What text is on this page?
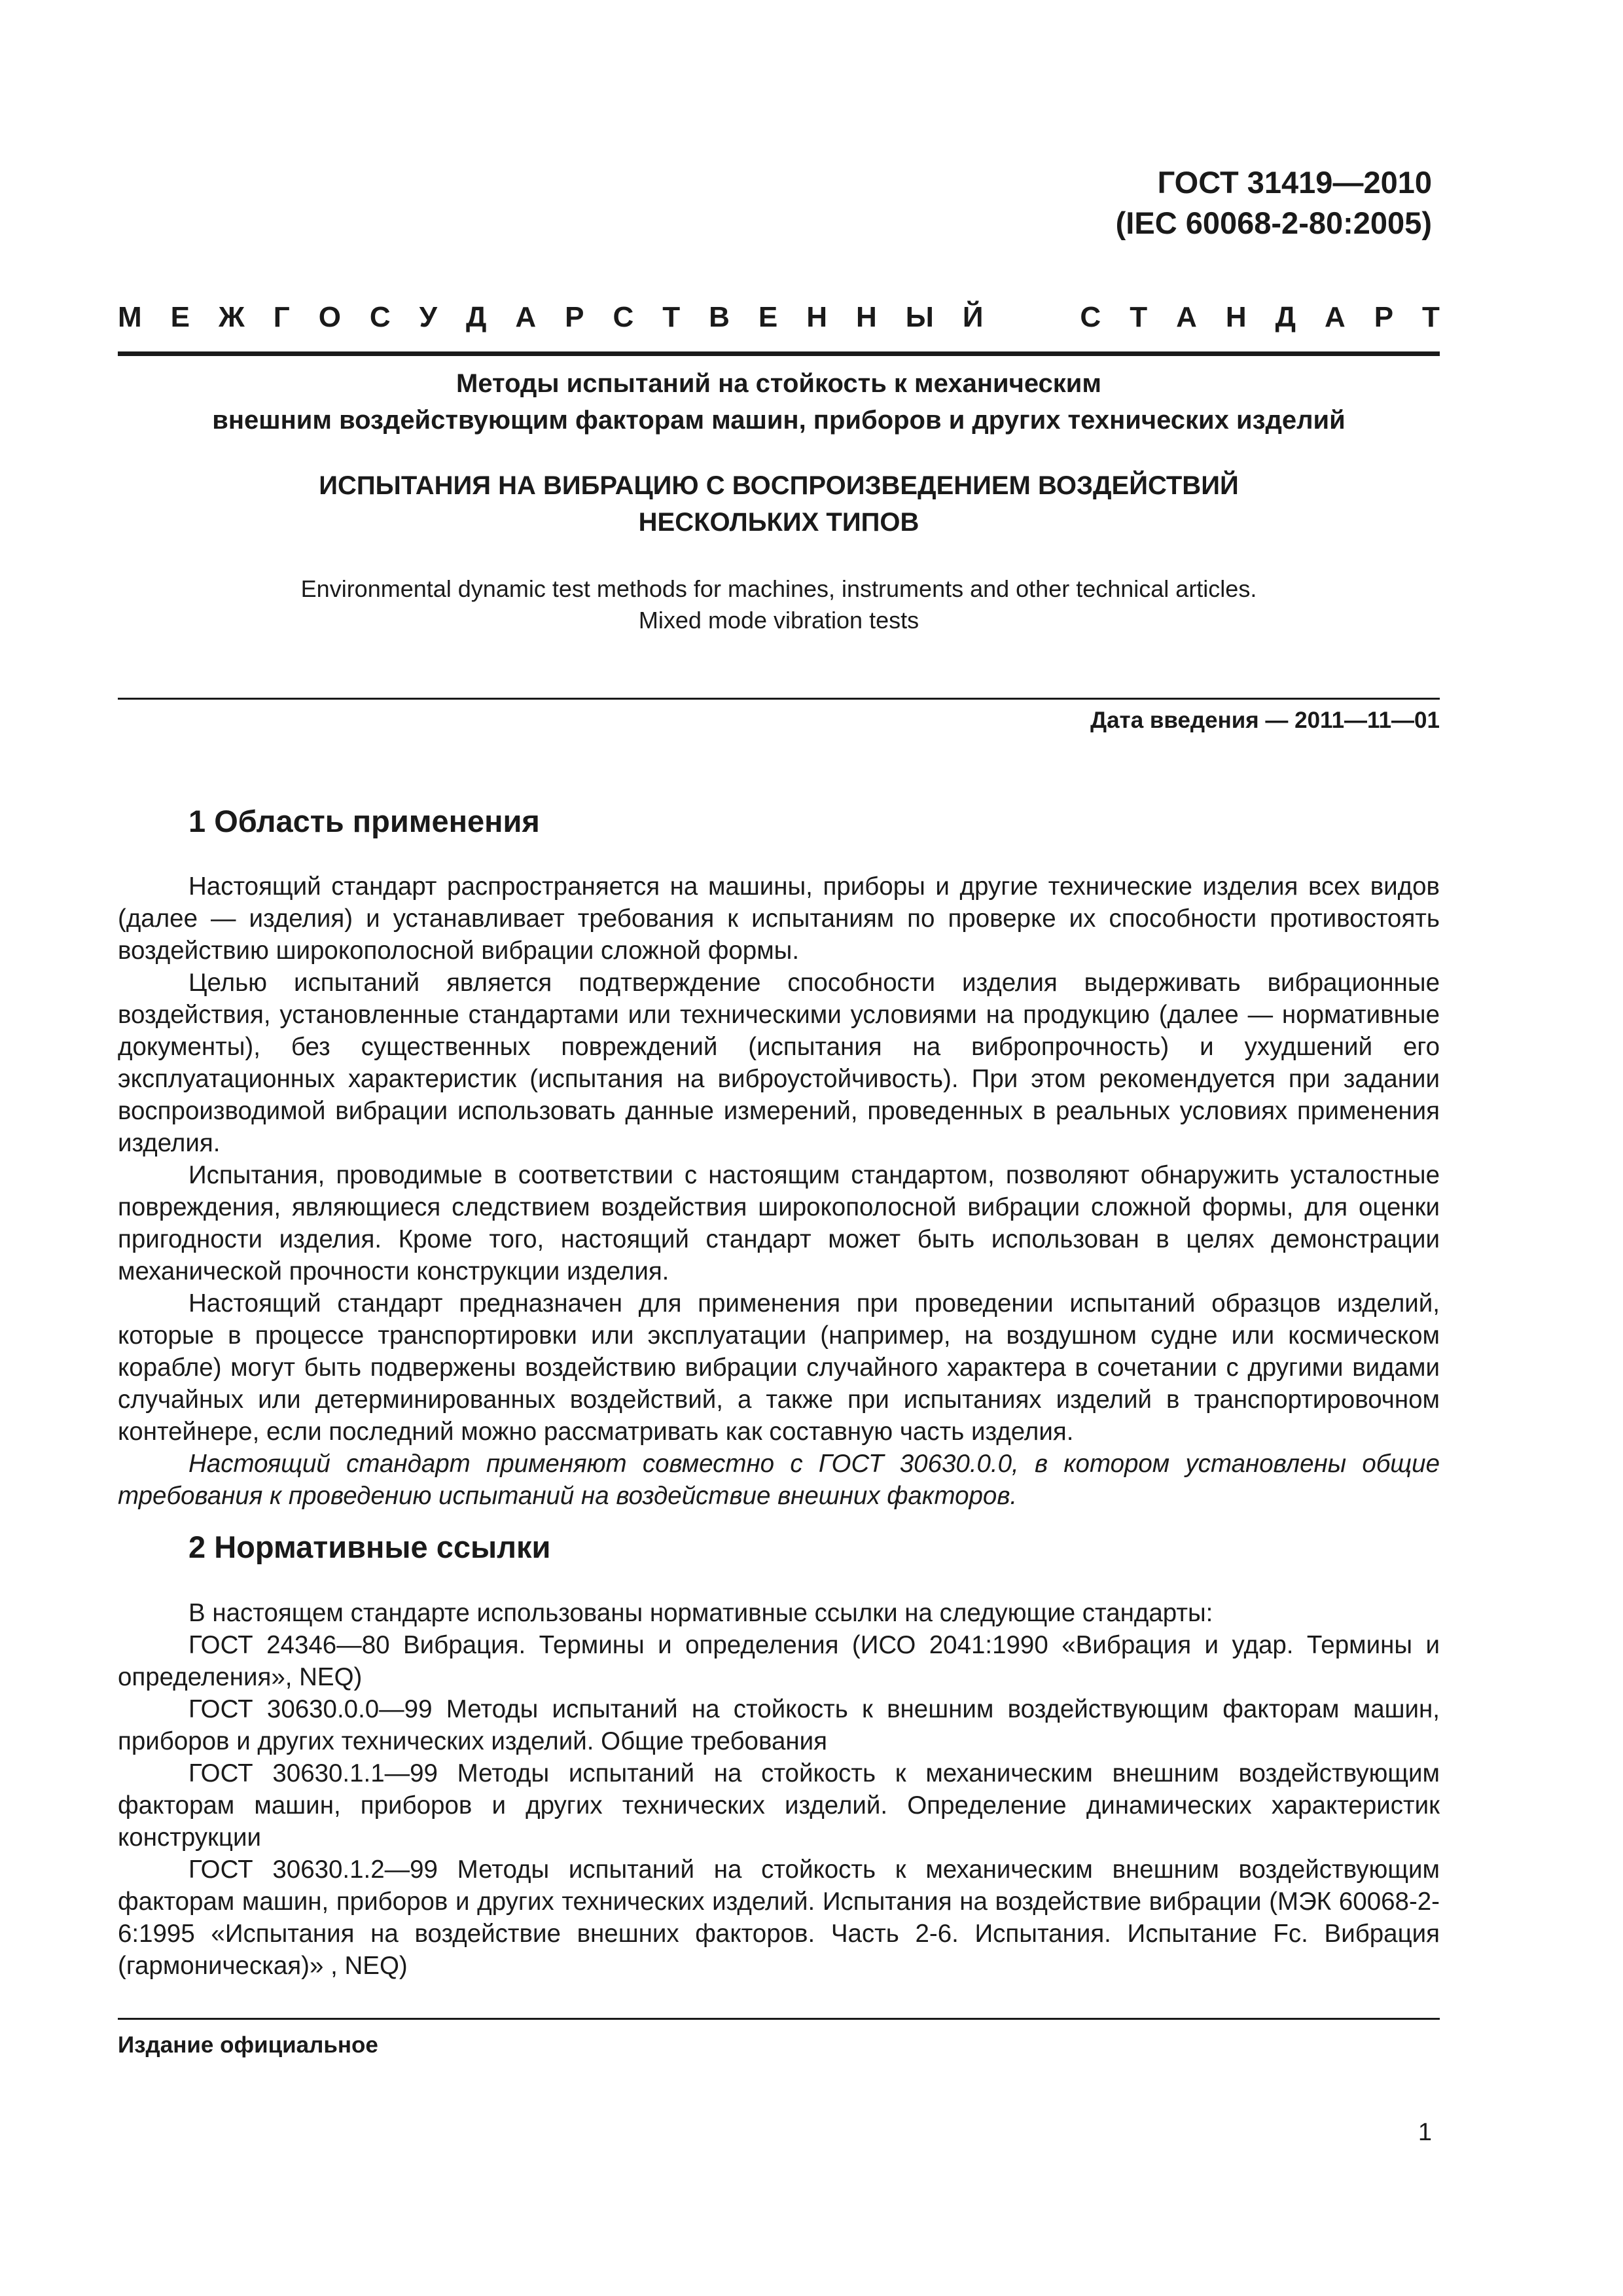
ГОСТ 31419—2010
(IEC 60068-2-80:2005)
М Е Ж Г О С У Д А Р С Т В Е Н Н Ы Й	С Т А Н Д А Р Т
Методы испытаний на стойкость к механическим
внешним воздействующим факторам машин, приборов и других технических изделий
ИСПЫТАНИЯ НА ВИБРАЦИЮ С ВОСПРОИЗВЕДЕНИЕМ ВОЗДЕЙСТВИЙ
НЕСКОЛЬКИХ ТИПОВ
Environmental dynamic test methods for machines, instruments and other technical articles.
Mixed mode vibration tests
Дата введения — 2011—11—01
1 Область применения

Настоящий стандарт распространяется на машины, приборы и другие технические изделия всех видов (далее — изделия) и устанавливает требования к испытаниям по проверке их способности противостоять воздействию широкополосной вибрации сложной формы.

Целью испытаний является подтверждение способности изделия выдерживать вибрационные воздействия, установленные стандартами или техническими условиями на продукцию (далее — нормативные документы), без существенных повреждений (испытания на вибропрочность) и ухудшений его эксплуатационных характеристик (испытания на виброустойчивость). При этом рекомендуется при задании воспроизводимой вибрации использовать данные измерений, проведенных в реальных условиях применения изделия.

Испытания, проводимые в соответствии с настоящим стандартом, позволяют обнаружить усталостные повреждения, являющиеся следствием воздействия широкополосной вибрации сложной формы, для оценки пригодности изделия. Кроме того, настоящий стандарт может быть использован в целях демонстрации механической прочности конструкции изделия.

Настоящий стандарт предназначен для применения при проведении испытаний образцов изделий, которые в процессе транспортировки или эксплуатации (например, на воздушном судне или космическом корабле) могут быть подвержены воздействию вибрации случайного характера в сочетании с другими видами случайных или детерминированных воздействий, а также при испытаниях изделий в транспортировочном контейнере, если последний можно рассматривать как составную часть изделия.

Настоящий стандарт применяют совместно с ГОСТ 30630.0.0, в котором установлены общие требования к проведению испытаний на воздействие внешних факторов.

2 Нормативные ссылки

В настоящем стандарте использованы нормативные ссылки на следующие стандарты:

ГОСТ 24346—80 Вибрация. Термины и определения (ИСО 2041:1990 «Вибрация и удар. Термины и определения», NEQ)

ГОСТ 30630.0.0—99 Методы испытаний на стойкость к внешним воздействующим факторам машин, приборов и других технических изделий. Общие требования

ГОСТ 30630.1.1—99 Методы испытаний на стойкость к механическим внешним воздействующим факторам машин, приборов и других технических изделий. Определение динамических характеристик конструкции

ГОСТ 30630.1.2—99 Методы испытаний на стойкость к механическим внешним воздействующим факторам машин, приборов и других технических изделий. Испытания на воздействие вибрации (МЭК 60068-2-6:1995 «Испытания на воздействие внешних факторов. Часть 2-6. Испытания. Испытание Fc. Вибрация (гармоническая)» , NEQ)

Издание официальное
1
